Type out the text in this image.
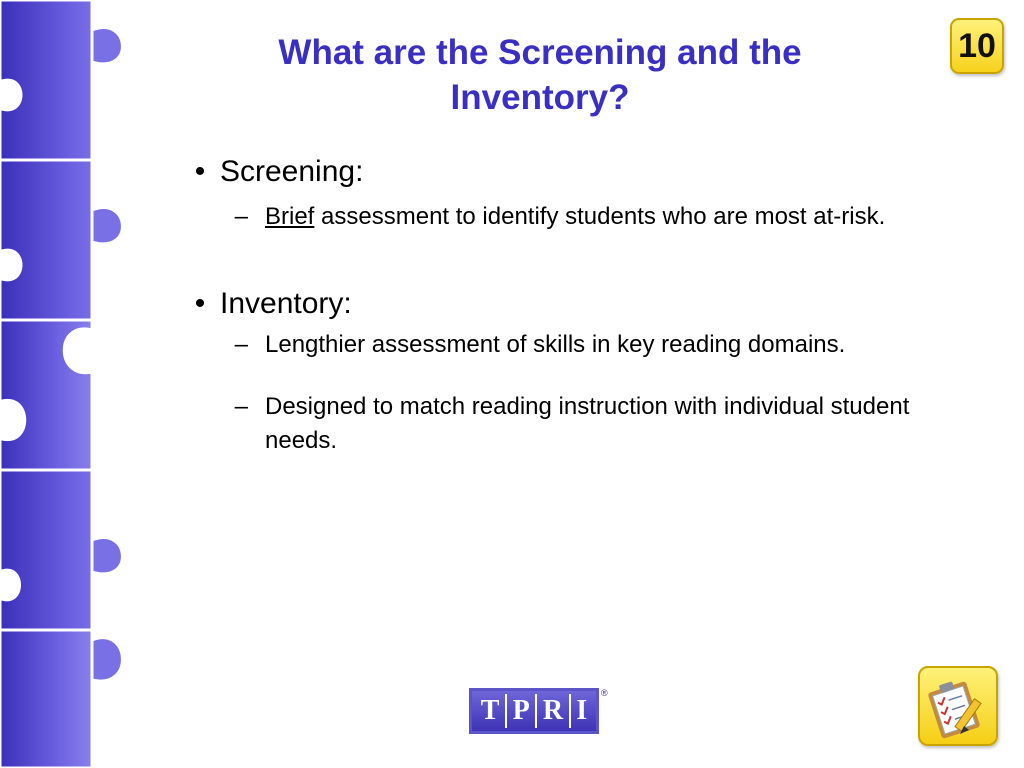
10
What are the Screening and the Inventory?
• Screening:
– Brief assessment to identify students who are most at-risk.
• Inventory:
– Lengthier assessment of skills in key reading domains.
– Designed to match reading instruction with individual student needs.
T P R I
®
